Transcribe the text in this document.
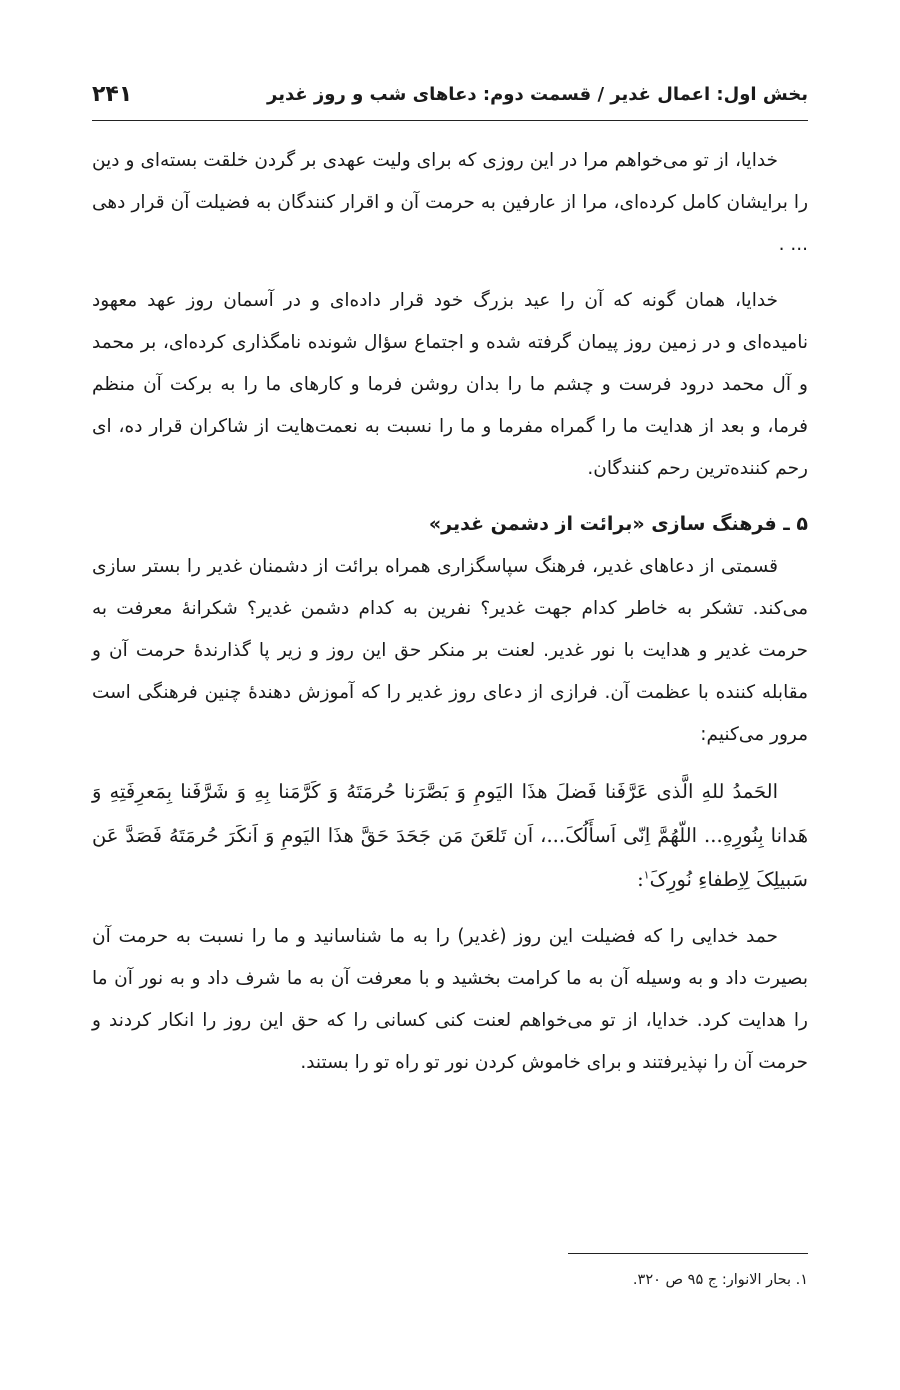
بخش اول: اعمال غدیر / قسمت دوم: دعاهای شب و روز غدیر
۲۴۱

خدایا، از تو می‌خواهم مرا در این روزی که برای ولیت عهدی بر گردن خلقت بسته‌ای و دین را برایشان کامل کرده‌ای، مرا از عارفین به حرمت آن و اقرار کنندگان به فضیلت آن قرار دهی ... .

خدایا، همان گونه که آن را عید بزرگ خود قرار داده‌ای و در آسمان روز عهد معهود نامیده‌ای و در زمین روز پیمان گرفته شده و اجتماع سؤال شونده نامگذاری کرده‌ای، بر محمد و آل محمد درود فرست و چشم ما را بدان روشن فرما و کارهای ما را به برکت آن منظم فرما، و بعد از هدایت ما را گمراه مفرما و ما را نسبت به نعمت‌هایت از شاکران قرار ده، ای رحم کننده‌ترین رحم کنندگان.

۵ ـ فرهنگ سازی «برائت از دشمن غدیر»

قسمتی از دعاهای غدیر، فرهنگ سپاسگزاری همراه برائت از دشمنان غدیر را بستر سازی می‌کند. تشکر به خاطر کدام جهت غدیر؟ نفرین به کدام دشمن غدیر؟ شکرانهٔ معرفت به حرمت غدیر و هدایت با نور غدیر. لعنت بر منکر حق این روز و زیر پا گذارندهٔ حرمت آن و مقابله کننده با عظمت آن. فرازی از دعای روز غدیر را که آموزش دهندهٔ چنین فرهنگی است مرور می‌کنیم:

الحَمدُ للهِ الَّذی عَرَّفَنا فَضلَ هذَا الیَومِ وَ بَصَّرَنا حُرمَتَهُ وَ کَرَّمَنا بِهِ وَ شَرَّفَنا بِمَعرِفَتِهِ وَ هَدانا بِنُورِهِ... اللّهُمَّ اِنّی اَسأَلُکَ...، اَن تَلعَنَ مَن جَحَدَ حَقَّ هذَا الیَومِ وَ اَنکَرَ حُرمَتَهُ فَصَدَّ عَن سَبیلِکَ لِاِطفاءِ نُورِکَ$^۱$:

حمد خدایی را که فضیلت این روز (غدیر) را به ما شناسانید و ما را نسبت به حرمت آن بصیرت داد و به وسیله آن به ما کرامت بخشید و با معرفت آن به ما شرف داد و به نور آن ما را هدایت کرد. خدایا، از تو می‌خواهم لعنت کنی کسانی را که حق این روز را انکار کردند و حرمت آن را نپذیرفتند و برای خاموش کردن نور تو راه تو را بستند.

۱. بحار الانوار: ج ۹۵ ص ۳۲۰.
